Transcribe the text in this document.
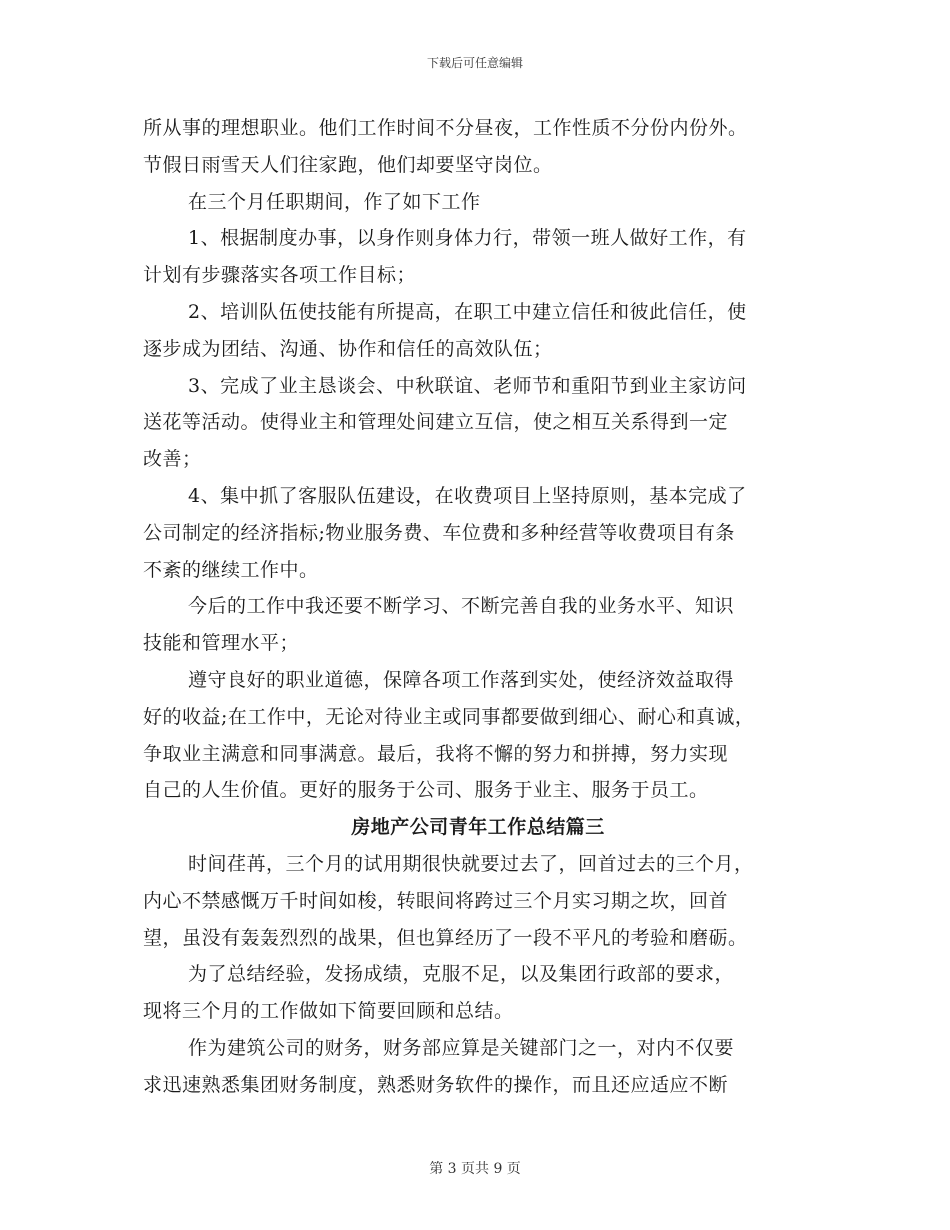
下载后可任意编辑
所从事的理想职业。他们工作时间不分昼夜，工作性质不分份内份外。
节假日雨雪天人们往家跑，他们却要坚守岗位。
在三个月任职期间，作了如下工作
1、根据制度办事，以身作则身体力行，带领一班人做好工作，有
计划有步骤落实各项工作目标；
2、培训队伍使技能有所提高，在职工中建立信任和彼此信任，使
逐步成为团结、沟通、协作和信任的高效队伍；
3、完成了业主恳谈会、中秋联谊、老师节和重阳节到业主家访问
送花等活动。使得业主和管理处间建立互信，使之相互关系得到一定
改善；
4、集中抓了客服队伍建设，在收费项目上坚持原则，基本完成了
公司制定的经济指标;物业服务费、车位费和多种经营等收费项目有条
不紊的继续工作中。
今后的工作中我还要不断学习、不断完善自我的业务水平、知识
技能和管理水平；
遵守良好的职业道德，保障各项工作落到实处，使经济效益取得
好的收益;在工作中，无论对待业主或同事都要做到细心、耐心和真诚，
争取业主满意和同事满意。最后，我将不懈的努力和拼搏，努力实现
自己的人生价值。更好的服务于公司、服务于业主、服务于员工。
房地产公司青年工作总结篇三
时间荏苒，三个月的试用期很快就要过去了，回首过去的三个月，
内心不禁感慨万千时间如梭，转眼间将跨过三个月实习期之坎，回首
望，虽没有轰轰烈烈的战果，但也算经历了一段不平凡的考验和磨砺。
为了总结经验，发扬成绩，克服不足，以及集团行政部的要求，
现将三个月的工作做如下简要回顾和总结。
作为建筑公司的财务，财务部应算是关键部门之一，对内不仅要
求迅速熟悉集团财务制度，熟悉财务软件的操作，而且还应适应不断
第 3 页共 9 页
